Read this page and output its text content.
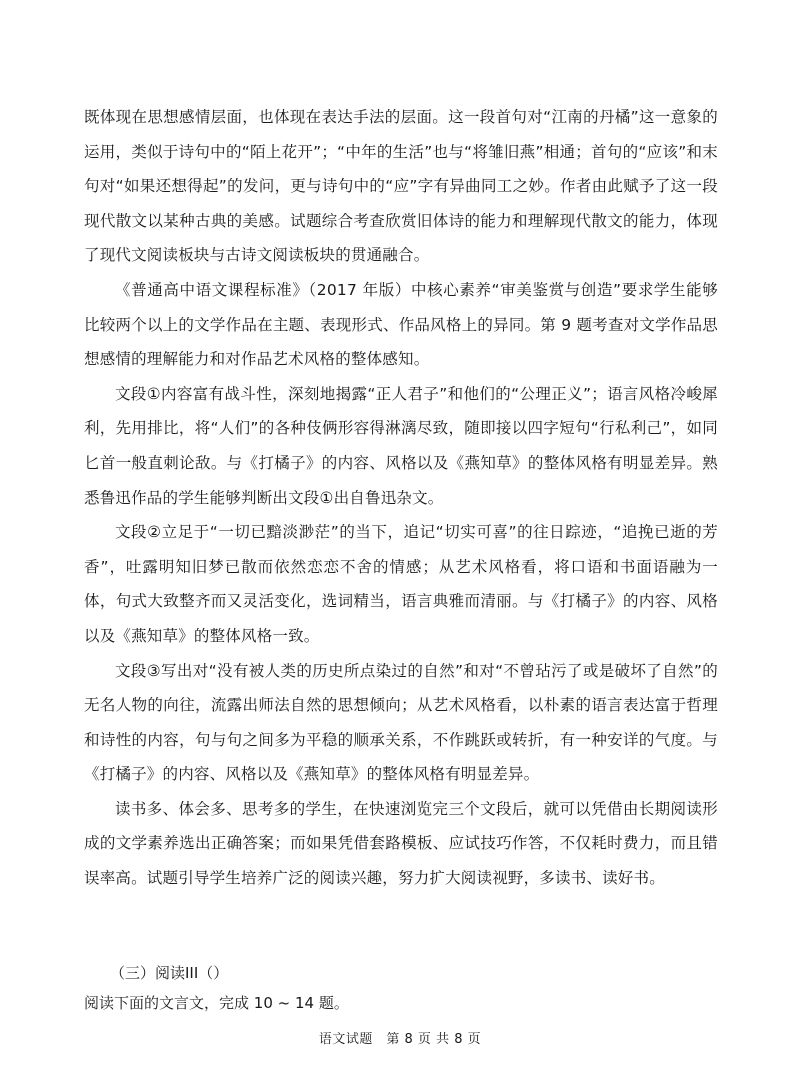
既体现在思想感情层面，也体现在表达手法的层面。这一段首句对“江南的丹橘”这一意象的运用，类似于诗句中的“陌上花开”；“中年的生活”也与“将雏旧燕”相通；首句的“应该”和末句对“如果还想得起”的发问，更与诗句中的“应”字有异曲同工之妙。作者由此赋予了这一段现代散文以某种古典的美感。试题综合考查欣赏旧体诗的能力和理解现代散文的能力，体现了现代文阅读板块与古诗文阅读板块的贯通融合。

《普通高中语文课程标准》（2017 年版）中核心素养“审美鉴赏与创造”要求学生能够比较两个以上的文学作品在主题、表现形式、作品风格上的异同。第 9 题考查对文学作品思想感情的理解能力和对作品艺术风格的整体感知。

文段①内容富有战斗性，深刻地揭露“正人君子”和他们的“公理正义”；语言风格冷峻犀利，先用排比，将“人们”的各种伎俩形容得淋漓尽致，随即接以四字短句“行私利己”，如同匕首一般直刺论敌。与《打橘子》的内容、风格以及《燕知草》的整体风格有明显差异。熟悉鲁迅作品的学生能够判断出文段①出自鲁迅杂文。

文段②立足于“一切已黯淡渺茫”的当下，追记“切实可喜”的往日踪迹，“追挽已逝的芳香”，吐露明知旧梦已散而依然恋恋不舍的情感；从艺术风格看，将口语和书面语融为一体，句式大致整齐而又灵活变化，选词精当，语言典雅而清丽。与《打橘子》的内容、风格以及《燕知草》的整体风格一致。

文段③写出对“没有被人类的历史所点染过的自然”和对“不曾玷污了或是破坏了自然”的无名人物的向往，流露出师法自然的思想倾向；从艺术风格看，以朴素的语言表达富于哲理和诗性的内容，句与句之间多为平稳的顺承关系，不作跳跃或转折，有一种安详的气度。与《打橘子》的内容、风格以及《燕知草》的整体风格有明显差异。

读书多、体会多、思考多的学生，在快速浏览完三个文段后，就可以凭借由长期阅读形成的文学素养选出正确答案；而如果凭借套路模板、应试技巧作答，不仅耗时费力，而且错误率高。试题引导学生培养广泛的阅读兴趣，努力扩大阅读视野，多读书、读好书。

（三）阅读III（）

阅读下面的文言文，完成 10 ~ 14 题。

语文试题　第 8 页 共 8 页
